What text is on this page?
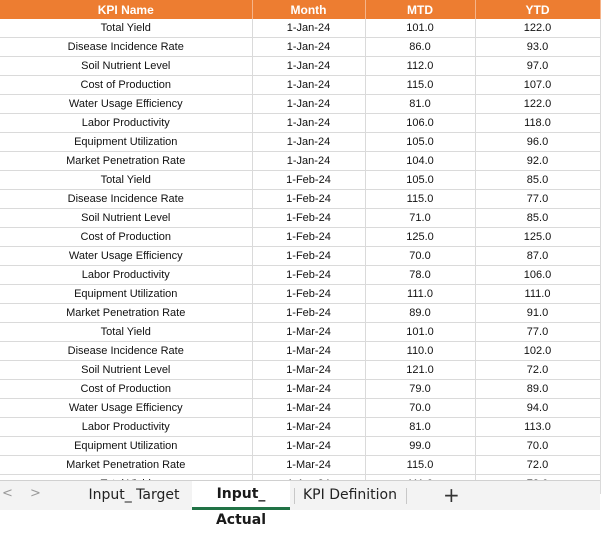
KPI Name	Month	MTD	YTD
Total Yield	1-Jan-24	101.0	122.0
Disease Incidence Rate	1-Jan-24	86.0	93.0
Soil Nutrient Level	1-Jan-24	112.0	97.0
Cost of Production	1-Jan-24	115.0	107.0
Water Usage Efficiency	1-Jan-24	81.0	122.0
Labor Productivity	1-Jan-24	106.0	118.0
Equipment Utilization	1-Jan-24	105.0	96.0
Market Penetration Rate	1-Jan-24	104.0	92.0
Total Yield	1-Feb-24	105.0	85.0
Disease Incidence Rate	1-Feb-24	115.0	77.0
Soil Nutrient Level	1-Feb-24	71.0	85.0
Cost of Production	1-Feb-24	125.0	125.0
Water Usage Efficiency	1-Feb-24	70.0	87.0
Labor Productivity	1-Feb-24	78.0	106.0
Equipment Utilization	1-Feb-24	111.0	111.0
Market Penetration Rate	1-Feb-24	89.0	91.0
Total Yield	1-Mar-24	101.0	77.0
Disease Incidence Rate	1-Mar-24	110.0	102.0
Soil Nutrient Level	1-Mar-24	121.0	72.0
Cost of Production	1-Mar-24	79.0	89.0
Water Usage Efficiency	1-Mar-24	70.0	94.0
Labor Productivity	1-Mar-24	81.0	113.0
Equipment Utilization	1-Mar-24	99.0	70.0
Market Penetration Rate	1-Mar-24	115.0	72.0

< >	Input_ Target	Input_ Actual
KPI Definition +
